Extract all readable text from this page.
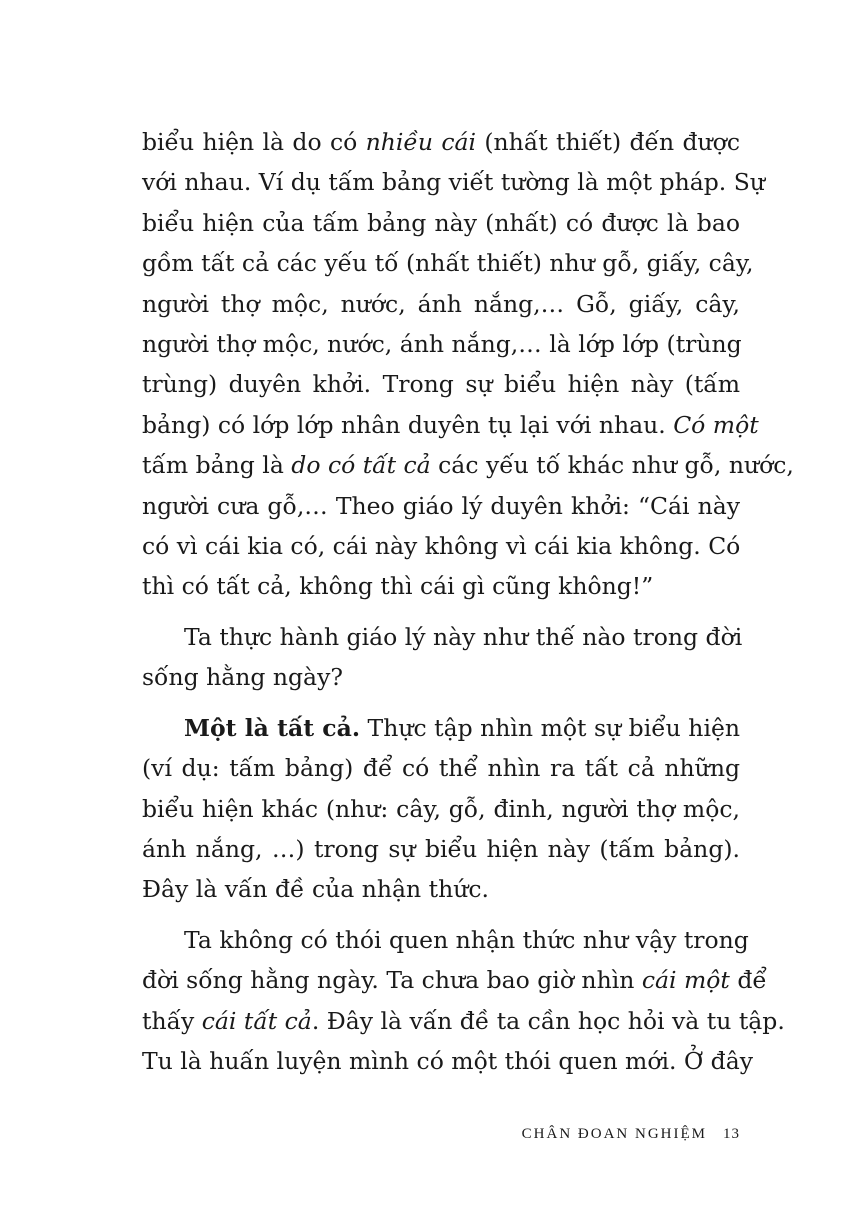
biểu hiện là do có nhiều cái (nhất thiết) đến được
với nhau. Ví dụ tấm bảng viết tường là một pháp. Sự
biểu hiện của tấm bảng này (nhất) có được là bao
gồm tất cả các yếu tố (nhất thiết) như gỗ, giấy, cây,
người thợ mộc, nước, ánh nắng,… Gỗ, giấy, cây,
người thợ mộc, nước, ánh nắng,… là lớp lớp (trùng
trùng) duyên khởi. Trong sự biểu hiện này (tấm
bảng) có lớp lớp nhân duyên tụ lại với nhau. Có một
tấm bảng là do có tất cả các yếu tố khác như gỗ, nước,
người cưa gỗ,… Theo giáo lý duyên khởi: “Cái này
có vì cái kia có, cái này không vì cái kia không. Có
thì có tất cả, không thì cái gì cũng không!”
Ta thực hành giáo lý này như thế nào trong đời
sống hằng ngày?
Một là tất cả. Thực tập nhìn một sự biểu hiện
(ví dụ: tấm bảng) để có thể nhìn ra tất cả những
biểu hiện khác (như: cây, gỗ, đinh, người thợ mộc,
ánh nắng, …) trong sự biểu hiện này (tấm bảng).
Đây là vấn đề của nhận thức.
Ta không có thói quen nhận thức như vậy trong
đời sống hằng ngày. Ta chưa bao giờ nhìn cái một để
thấy cái tất cả. Đây là vấn đề ta cần học hỏi và tu tập.
Tu là huấn luyện mình có một thói quen mới. Ở đây
CHÂN ĐOAN NGHIỆM 13
